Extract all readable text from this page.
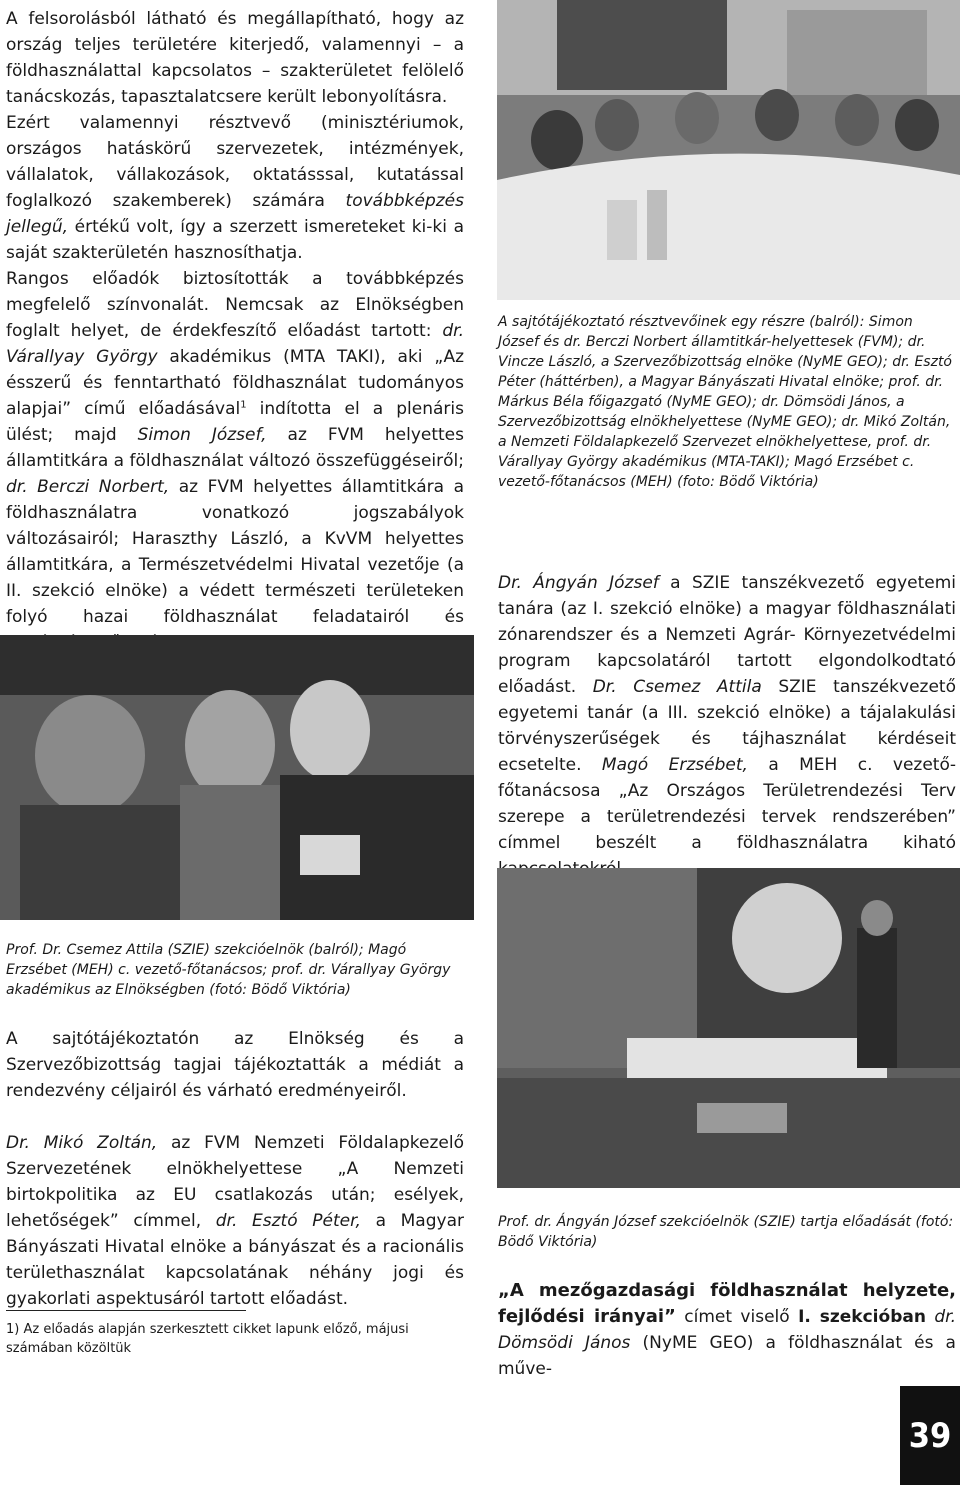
A felsorolásból látható és megállapítható, hogy az ország teljes területére kiterjedő, valamennyi – a földhasználattal kapcsolatos – szakterületet felölelő tanácskozás, tapasztalatcsere került lebonyolításra.

Ezért valamennyi résztvevő (minisztériumok, országos hatáskörű szervezetek, intézmények, vállalatok, vállakozások, oktatásssal, kutatással foglalkozó szakemberek) számára továbbképzés jellegű, értékű volt, így a szerzett ismereteket ki-ki a saját szakterületén hasznosíthatja.

Rangos előadók biztosították a továbbképzés megfelelő színvonalát. Nemcsak az Elnökségben foglalt helyet, de érdekfeszítő előadást tartott: dr. Várallyay György akadémikus (MTA TAKI), aki „Az ésszerű és fenntartható földhasználat tudományos alapjai” című előadásával$^1$ indította el a plenáris ülést; majd Simon József, az FVM helyettes államtitkára a földhasználat változó összefüggéseiről; dr. Berczi Norbert, az FVM helyettes államtitkára a földhasználatra vonatkozó jogszabályok változásairól; Haraszthy László, a KvVM helyettes államtitkára, a Természetvédelmi Hivatal vezetője (a II. szekció elnöke) a védett természeti területeken folyó hazai földhasználat feladatairól és

Prof. Dr. Csemez Attila (SZIE) szekcióelnök (balról); Magó Erzsébet (MEH) c. vezető-főtanácsos; prof. dr. Várallyay György akadémikus az Elnökségben (fotó: Bödő Viktória)

A sajtótájékoztatón az Elnökség és a Szervezőbizottság tagjai tájékoztatták a médiát a rendezvény céljairól és várható eredményeiről.

Dr. Mikó Zoltán, az FVM Nemzeti Földalapkezelő Szervezetének elnökhelyettese „A Nemzeti birtokpolitika az EU csatlakozás után; esélyek, lehetőségek” címmel, dr. Esztó Péter, a Magyar Bányászati Hivatal elnöke a bányászat és a racionális területhasználat kapcsolatának néhány jogi és gyakorlati aspektusáról tartott előadást.

1) Az előadás alapján szerkesztett cikket lapunk előző, májusi számában közöltük

A sajtótájékoztató résztvevőinek egy részre (balról): Simon József és dr. Berczi Norbert államtitkár-helyettesek (FVM); dr. Vincze László, a Szervezőbizottság elnöke (NyME GEO); dr. Esztó Péter (háttérben), a Magyar Bányászati Hivatal elnöke; prof. dr. Márkus Béla főigazgató (NyME GEO); dr. Dömsödi János, a Szervezőbizottság elnökhelyettese (NyME GEO); dr. Mikó Zoltán, a Nemzeti Földalapkezelő Szervezet elnökhelyettese, prof. dr. Várallyay György akadémikus (MTA-TAKI); Magó Erzsébet c. vezető-főtanácsos (MEH) (foto: Bödő Viktória)

Dr. Ángyán József a SZIE tanszékvezető egyetemi tanára (az I. szekció elnöke) a magyar földhasználati zónarendszer és a Nemzeti Agrár- Környezetvédelmi program kapcsolatáról tartott elgondolkodtató előadást. Dr. Csemez Attila SZIE tanszékvezető egyetemi tanár (a III. szekció elnöke) a tájalakulási törvényszerűségek és tájhasználat kérdéseit ecsetelte. Magó Erzsébet, a MEH c. vezető-főtanácsosa „Az Országos Területrendezési Terv szerepe a területrendezési tervek rendszerében” címmel beszélt a földhasználatra kiható

Prof. dr. Ángyán József szekcióelnök (SZIE) tartja előadását (fotó: Bödő Viktória)

„A mezőgazdasági földhasználat helyzete, fejlődési irányai” címet viselő I. szekcióban dr. Dömsödi János (NyME GEO) a földhasználat és a műve-

39
